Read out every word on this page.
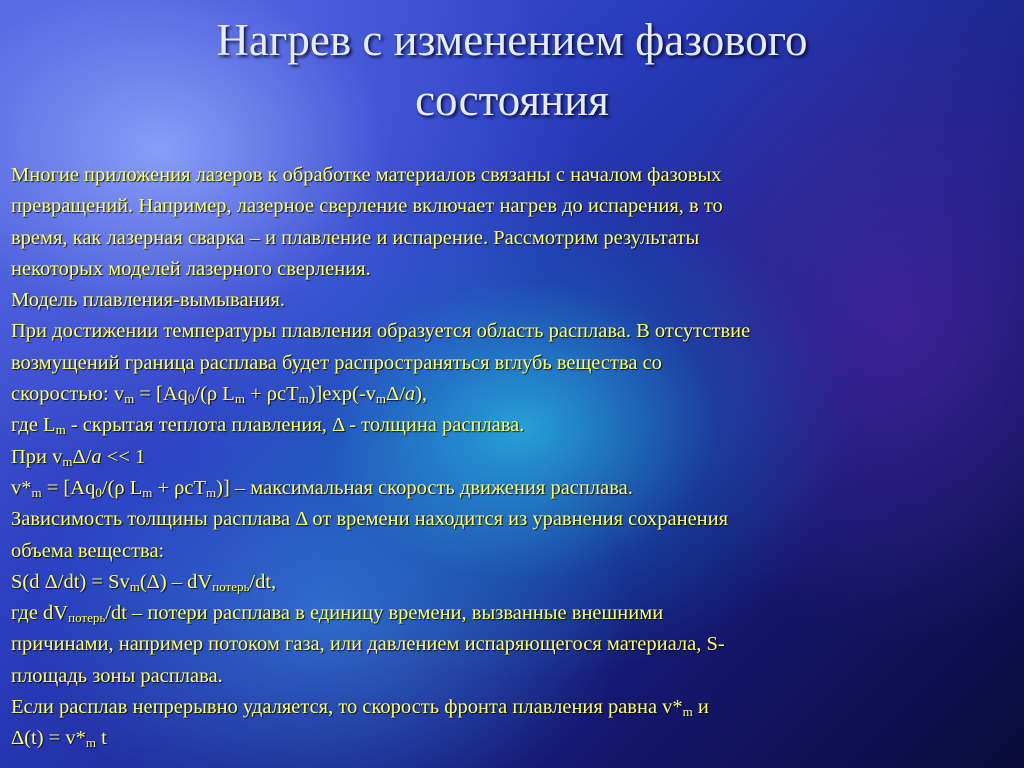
Нагрев с изменением фазового
состояния

Многие приложения лазеров к обработке материалов связаны с началом фазовых

превращений. Например, лазерное сверление включает нагрев до испарения, в то

время, как лазерная сварка – и плавление и испарение. Рассмотрим результаты

некоторых моделей лазерного сверления.

Модель плавления-вымывания.

При достижении температуры плавления образуется область расплава. В отсутствие

возмущений граница расплава будет распространяться вглубь вещества со

скоростью: $v_m = [Aq_0/(\rho$ $L_m + \rho cT_m)]\exp(-v_m\Delta/a)$,

где $L_m$ - скрытая теплота плавления, Δ - толщина расплава.

При $v_m\Delta/a << 1$

$v*_m = [Aq_0/(\rho$ $L_m + \rho cT_m$)] – максимальная скорость движения расплава.

Зависимость толщины расплава Δ от времени находится из уравнения сохранения

объема вещества:

S(d $\Delta/dt) = Sv_m(\Delta) - dV_{потерь}/dt$,

где $dV_{потерь}/dt$ – потери расплава в единицу времени, вызванные внешними

причинами, например потоком газа, или давлением испаряющегося материала, S-

площадь зоны расплава.

Если расплав непрерывно удаляется, то скорость фронта плавления равна $v*_m$ и

$\Delta(t) = v*_m$ t
